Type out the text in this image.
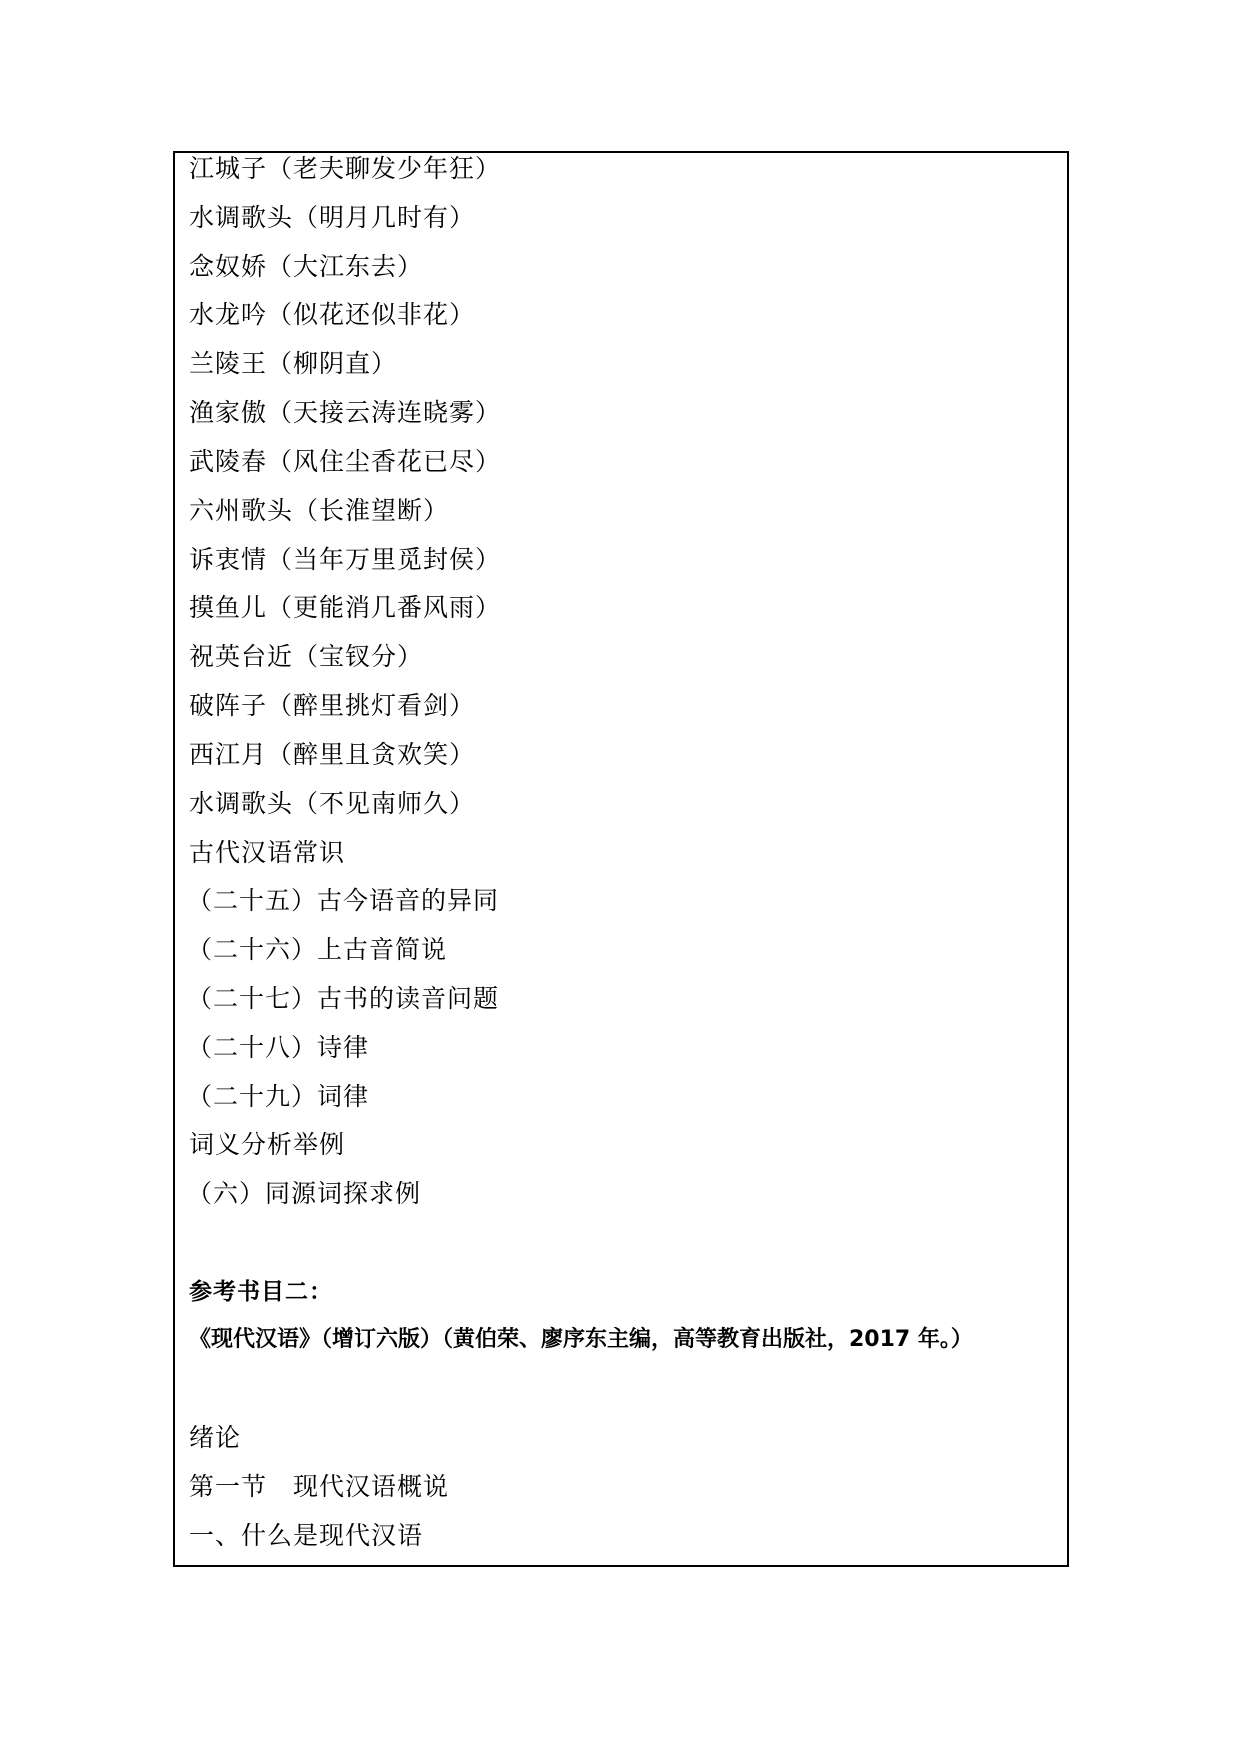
江城子（老夫聊发少年狂）
水调歌头（明月几时有）
念奴娇（大江东去）
水龙吟（似花还似非花）
兰陵王（柳阴直）
渔家傲（天接云涛连晓雾）
武陵春（风住尘香花已尽）
六州歌头（长淮望断）
诉衷情（当年万里觅封侯）
摸鱼儿（更能消几番风雨）
祝英台近（宝钗分）
破阵子（醉里挑灯看剑）
西江月（醉里且贪欢笑）
水调歌头（不见南师久）
古代汉语常识
（二十五）古今语音的异同
（二十六）上古音简说
（二十七）古书的读音问题
（二十八）诗律
（二十九）词律
词义分析举例
（六）同源词探求例
参考书目二：
《现代汉语》（增订六版）（黄伯荣、廖序东主编，高等教育出版社，2017 年。）
绪论
第一节　现代汉语概说
一、什么是现代汉语
